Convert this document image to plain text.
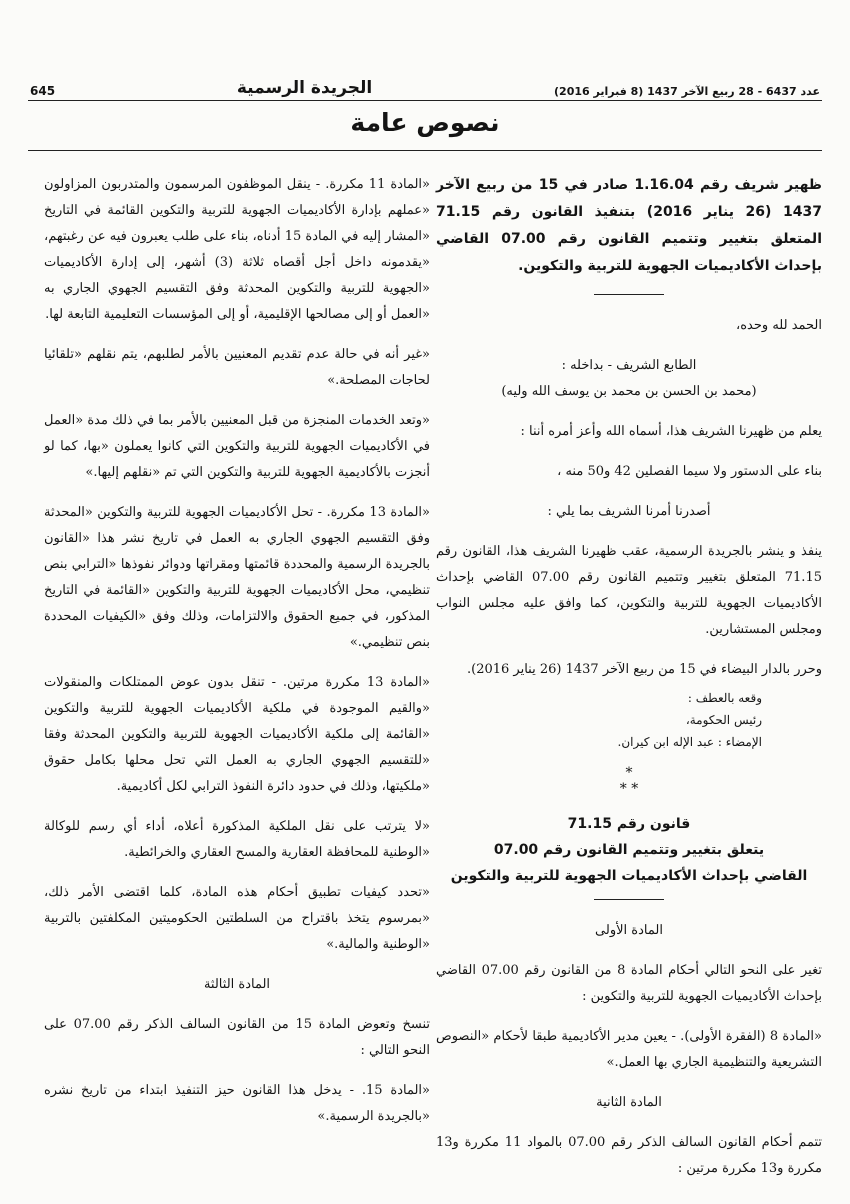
645	الجريدة الرسمية	عدد 6437 - 28 ربيع الآخر 1437 (8 فبراير 2016)
نصوص عامة

ظهير شريف رقم 1.16.04 صادر في 15 من ربيع الآخر 1437 (26 يناير 2016) بتنفيذ القانون رقم 71.15 المتعلق بتغيير وتتميم القانون رقم 07.00 القاضي بإحداث الأكاديميات الجهوية للتربية والتكوين.

الحمد لله وحده،

الطابع الشريف - بداخله :

(محمد بن الحسن بن محمد بن يوسف الله وليه)

يعلم من ظهيرنا الشريف هذا، أسماه الله وأعز أمره أننا :

بناء على الدستور ولا سيما الفصلين 42 و50 منه ،

أصدرنا أمرنا الشريف بما يلي :

ينفذ و ينشر بالجريدة الرسمية، عقب ظهيرنا الشريف هذا، القانون رقم 71.15 المتعلق بتغيير وتتميم القانون رقم 07.00 القاضي بإحداث الأكاديميات الجهوية للتربية والتكوين، كما وافق عليه مجلس النواب ومجلس المستشارين.

وحرر بالدار البيضاء في 15 من ربيع الآخر 1437 (26 يناير 2016).

وقعه بالعطف :

رئيس الحكومة،

الإمضاء : عبد الإله ابن كيران.

*
* *
قانون رقم 71.15
يتعلق بتغيير وتتميم القانون رقم 07.00
القاضي بإحداث الأكاديميات الجهوية للتربية والتكوين

المادة الأولى

تغير على النحو التالي أحكام المادة 8 من القانون رقم 07.00 القاضي بإحداث الأكاديميات الجهوية للتربية والتكوين :

«المادة 8 (الفقرة الأولى). - يعين مدير الأكاديمية طبقا لأحكام «النصوص التشريعية والتنظيمية الجاري بها العمل.»

المادة الثانية

تتمم أحكام القانون السالف الذكر رقم 07.00 بالمواد 11 مكررة و13 مكررة و13 مكررة مرتين :

«المادة 11 مكررة. - ينقل الموظفون المرسمون والمتدربون المزاولون «عملهم بإدارة الأكاديميات الجهوية للتربية والتكوين القائمة في التاريخ «المشار إليه في المادة 15 أدناه، بناء على طلب يعبرون فيه عن رغبتهم، «يقدمونه داخل أجل أقصاه ثلاثة (3) أشهر، إلى إدارة الأكاديميات «الجهوية للتربية والتكوين المحدثة وفق التقسيم الجهوي الجاري به «العمل أو إلى مصالحها الإقليمية، أو إلى المؤسسات التعليمية التابعة لها.

«غير أنه في حالة عدم تقديم المعنيين بالأمر لطلبهم، يتم نقلهم «تلقائيا لحاجات المصلحة.»

«وتعد الخدمات المنجزة من قبل المعنيين بالأمر بما في ذلك مدة «العمل في الأكاديميات الجهوية للتربية والتكوين التي كانوا يعملون «بها، كما لو أنجزت بالأكاديمية الجهوية للتربية والتكوين التي تم «نقلهم إليها.»

«المادة 13 مكررة. - تحل الأكاديميات الجهوية للتربية والتكوين «المحدثة وفق التقسيم الجهوي الجاري به العمل في تاريخ نشر هذا «القانون بالجريدة الرسمية والمحددة قائمتها ومقراتها ودوائر نفوذها «الترابي بنص تنظيمي، محل الأكاديميات الجهوية للتربية والتكوين «القائمة في التاريخ المذكور، في جميع الحقوق والالتزامات، وذلك وفق «الكيفيات المحددة بنص تنظيمي.»

«المادة 13 مكررة مرتين. - تنقل بدون عوض الممتلكات والمنقولات «والقيم الموجودة في ملكية الأكاديميات الجهوية للتربية والتكوين «القائمة إلى ملكية الأكاديميات الجهوية للتربية والتكوين المحدثة وفقا «للتقسيم الجهوي الجاري به العمل التي تحل محلها بكامل حقوق «ملكيتها، وذلك في حدود دائرة النفوذ الترابي لكل أكاديمية.

«لا يترتب على نقل الملكية المذكورة أعلاه، أداء أي رسم للوكالة «الوطنية للمحافظة العقارية والمسح العقاري والخرائطية.

«تحدد كيفيات تطبيق أحكام هذه المادة، كلما اقتضى الأمر ذلك، «بمرسوم يتخذ باقتراح من السلطتين الحكوميتين المكلفتين بالتربية «الوطنية والمالية.»

المادة الثالثة

تنسخ وتعوض المادة 15 من القانون السالف الذكر رقم 07.00 على النحو التالي :

«المادة 15. - يدخل هذا القانون حيز التنفيذ ابتداء من تاريخ نشره «بالجريدة الرسمية.»
